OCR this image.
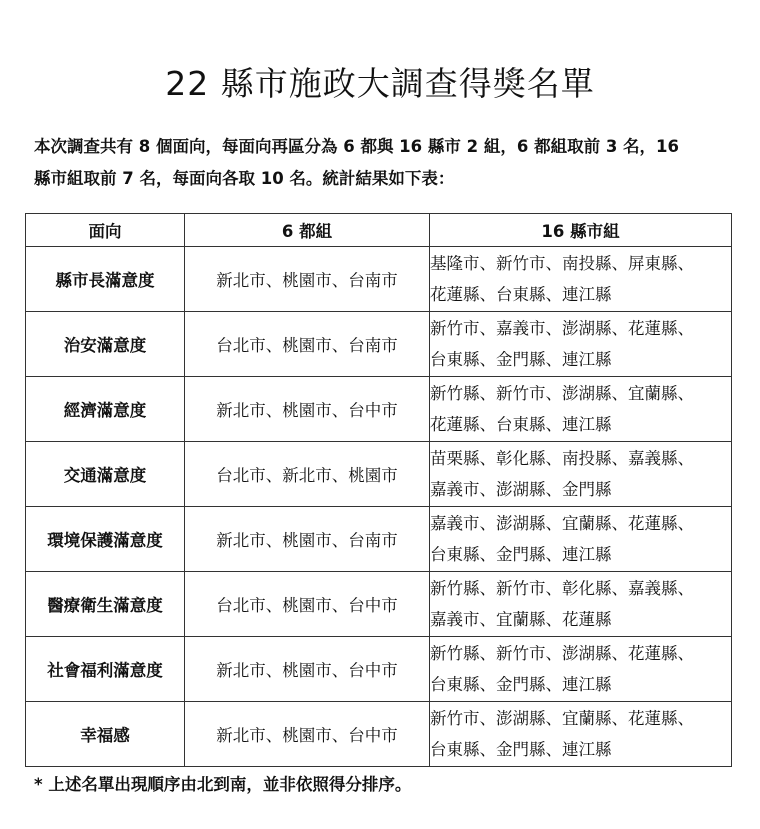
22 縣市施政大調查得獎名單

本次調查共有 8 個面向，每面向再區分為 6 都與 16 縣市 2 組，6 都組取前 3 名，16
縣市組取前 7 名，每面向各取 10 名。統計結果如下表：

面向	6 都組	16 縣市組
縣市長滿意度	新北市、桃園市、台南市	基隆市、新竹市、南投縣、屏東縣、
花蓮縣、台東縣、連江縣

治安滿意度	台北市、桃園市、台南市	新竹市、嘉義市、澎湖縣、花蓮縣、
台東縣、金門縣、連江縣

經濟滿意度	新北市、桃園市、台中市	新竹縣、新竹市、澎湖縣、宜蘭縣、
花蓮縣、台東縣、連江縣

交通滿意度	台北市、新北市、桃園市	苗栗縣、彰化縣、南投縣、嘉義縣、
嘉義市、澎湖縣、金門縣

環境保護滿意度	新北市、桃園市、台南市	嘉義市、澎湖縣、宜蘭縣、花蓮縣、
台東縣、金門縣、連江縣

醫療衛生滿意度	台北市、桃園市、台中市	新竹縣、新竹市、彰化縣、嘉義縣、
嘉義市、宜蘭縣、花蓮縣

社會福利滿意度	新北市、桃園市、台中市	新竹縣、新竹市、澎湖縣、花蓮縣、
台東縣、金門縣、連江縣

幸福感	新北市、桃園市、台中市	新竹市、澎湖縣、宜蘭縣、花蓮縣、
台東縣、金門縣、連江縣

* 上述名單出現順序由北到南，並非依照得分排序。
